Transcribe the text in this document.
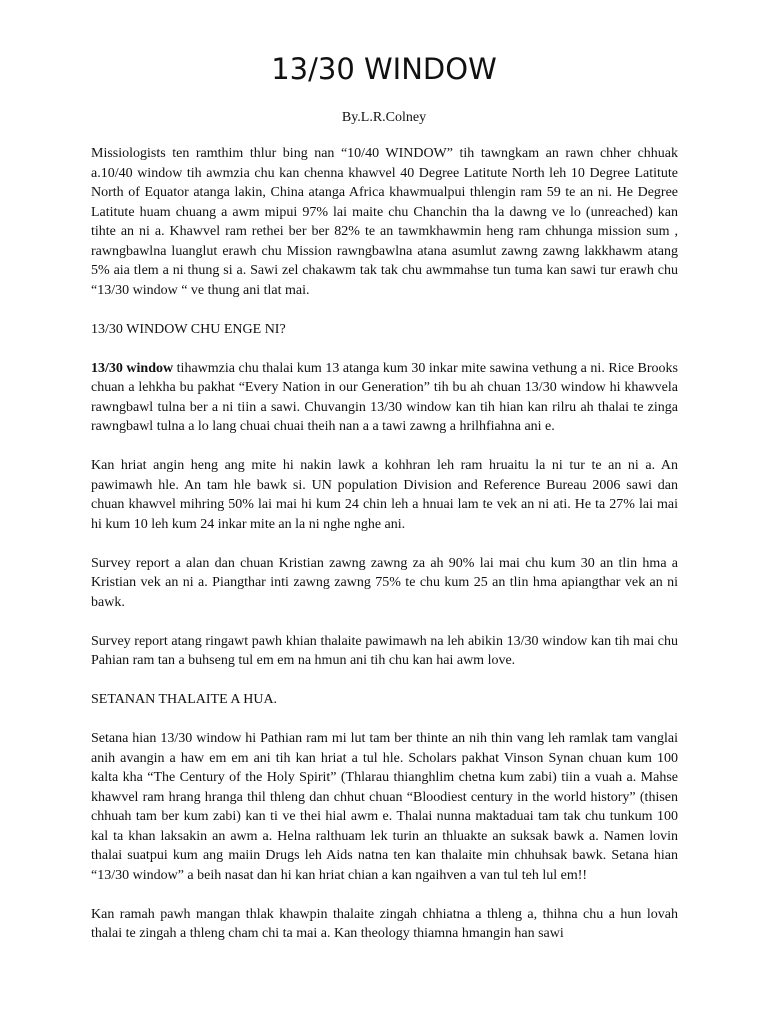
13/30 WINDOW
By.L.R.Colney

Missiologists ten ramthim thlur bing nan “10/40 WINDOW” tih tawngkam an rawn chher chhuak a.10/40 window tih awmzia chu kan chenna khawvel 40 Degree Latitute North leh 10 Degree Latitute North of Equator atanga lakin, China atanga Africa khawmualpui thlengin ram 59 te an ni. He Degree Latitute huam chuang a awm mipui 97% lai maite chu Chanchin tha la dawng ve lo (unreached) kan tihte an ni a. Khawvel ram rethei ber ber 82% te an tawmkhawmin heng ram chhunga mission sum , rawngbawlna luanglut erawh chu Mission rawngbawlna atana asumlut zawng zawng lakkhawm atang 5% aia tlem a ni thung si a. Sawi zel chakawm tak tak chu awmmahse tun tuma kan sawi tur erawh chu “13/30 window “ ve thung ani tlat mai.

13/30 WINDOW CHU ENGE NI?

13/30 window tihawmzia chu thalai kum 13 atanga kum 30 inkar mite sawina vethung a ni. Rice Brooks chuan a lehkha bu pakhat “Every Nation in our Generation” tih bu ah chuan 13/30 window hi khawvela rawngbawl tulna ber a ni tiin a sawi. Chuvangin 13/30 window kan tih hian kan rilru ah thalai te zinga rawngbawl tulna a lo lang chuai chuai theih nan a a tawi zawng a hrilhfiahna ani e.

Kan hriat angin heng ang mite hi nakin lawk a kohhran leh ram hruaitu la ni tur te an ni a. An pawimawh hle. An tam hle bawk si. UN population Division and Reference Bureau 2006 sawi dan chuan khawvel mihring 50% lai mai hi kum 24 chin leh a hnuai lam te vek an ni ati. He ta 27% lai mai hi kum 10 leh kum 24 inkar mite an la ni nghe nghe ani.

Survey report a alan dan chuan Kristian zawng zawng za ah 90% lai mai chu kum 30 an tlin hma a Kristian vek an ni a. Piangthar inti zawng zawng 75% te chu kum 25 an tlin hma apiangthar vek an ni bawk.

Survey report atang ringawt pawh khian thalaite pawimawh na leh abikin 13/30 window kan tih mai chu Pahian ram tan a buhseng tul em em na hmun ani tih chu kan hai awm love.

SETANAN THALAITE A HUA.

Setana hian 13/30 window hi Pathian ram mi lut tam ber thinte an nih thin vang leh ramlak tam vanglai anih avangin a haw em em ani tih kan hriat a tul hle. Scholars pakhat Vinson Synan chuan kum 100 kalta kha “The Century of the Holy Spirit” (Thlarau thianghlim chetna kum zabi) tiin a vuah a. Mahse khawvel ram hrang hranga thil thleng dan chhut chuan “Bloodiest century in the world history” (thisen chhuah tam ber kum zabi) kan ti ve thei hial awm e. Thalai nunna maktaduai tam tak chu tunkum 100 kal ta khan laksakin an awm a. Helna ralthuam lek turin an thluakte an suksak bawk a. Namen lovin thalai suatpui kum ang maiin Drugs leh Aids natna ten kan thalaite min chhuhsak bawk. Setana hian “13/30 window” a beih nasat dan hi kan hriat chian a kan ngaihven a van tul teh lul em!!

Kan ramah pawh mangan thlak khawpin thalaite zingah chhiatna a thleng a, thihna chu a hun lovah thalai te zingah a thleng cham chi ta mai a. Kan theology thiamna hmangin han sawi
